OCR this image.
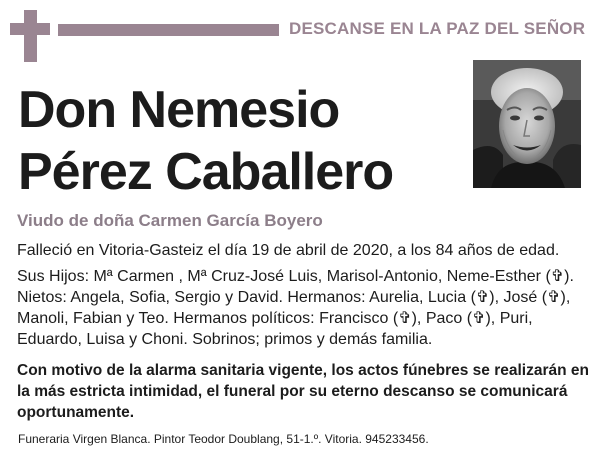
DESCANSE EN LA PAZ DEL SEÑOR
Don Nemesio
Pérez Caballero
Viudo de doña Carmen García Boyero
Falleció en Vitoria-Gasteiz el día 19 de abril de 2020, a los 84 años de edad.
Sus Hijos: Mª Carmen , Mª Cruz-José Luis, Marisol-Antonio, Neme-Esther (✞). Nietos: Angela, Sofia, Sergio y David. Hermanos: Aurelia, Lucia (✞), José (✞), Manoli, Fabian y Teo. Hermanos políticos: Francisco (✞), Paco (✞), Puri, Eduardo, Luisa y Choni. Sobrinos; primos y demás familia.
Con motivo de la alarma sanitaria vigente, los actos fúnebres se realizarán en la más estricta intimidad, el funeral por su eterno descanso se comunicará oportunamente.
Funeraria Virgen Blanca. Pintor Teodor Doublang, 51-1.º. Vitoria. 945233456.
